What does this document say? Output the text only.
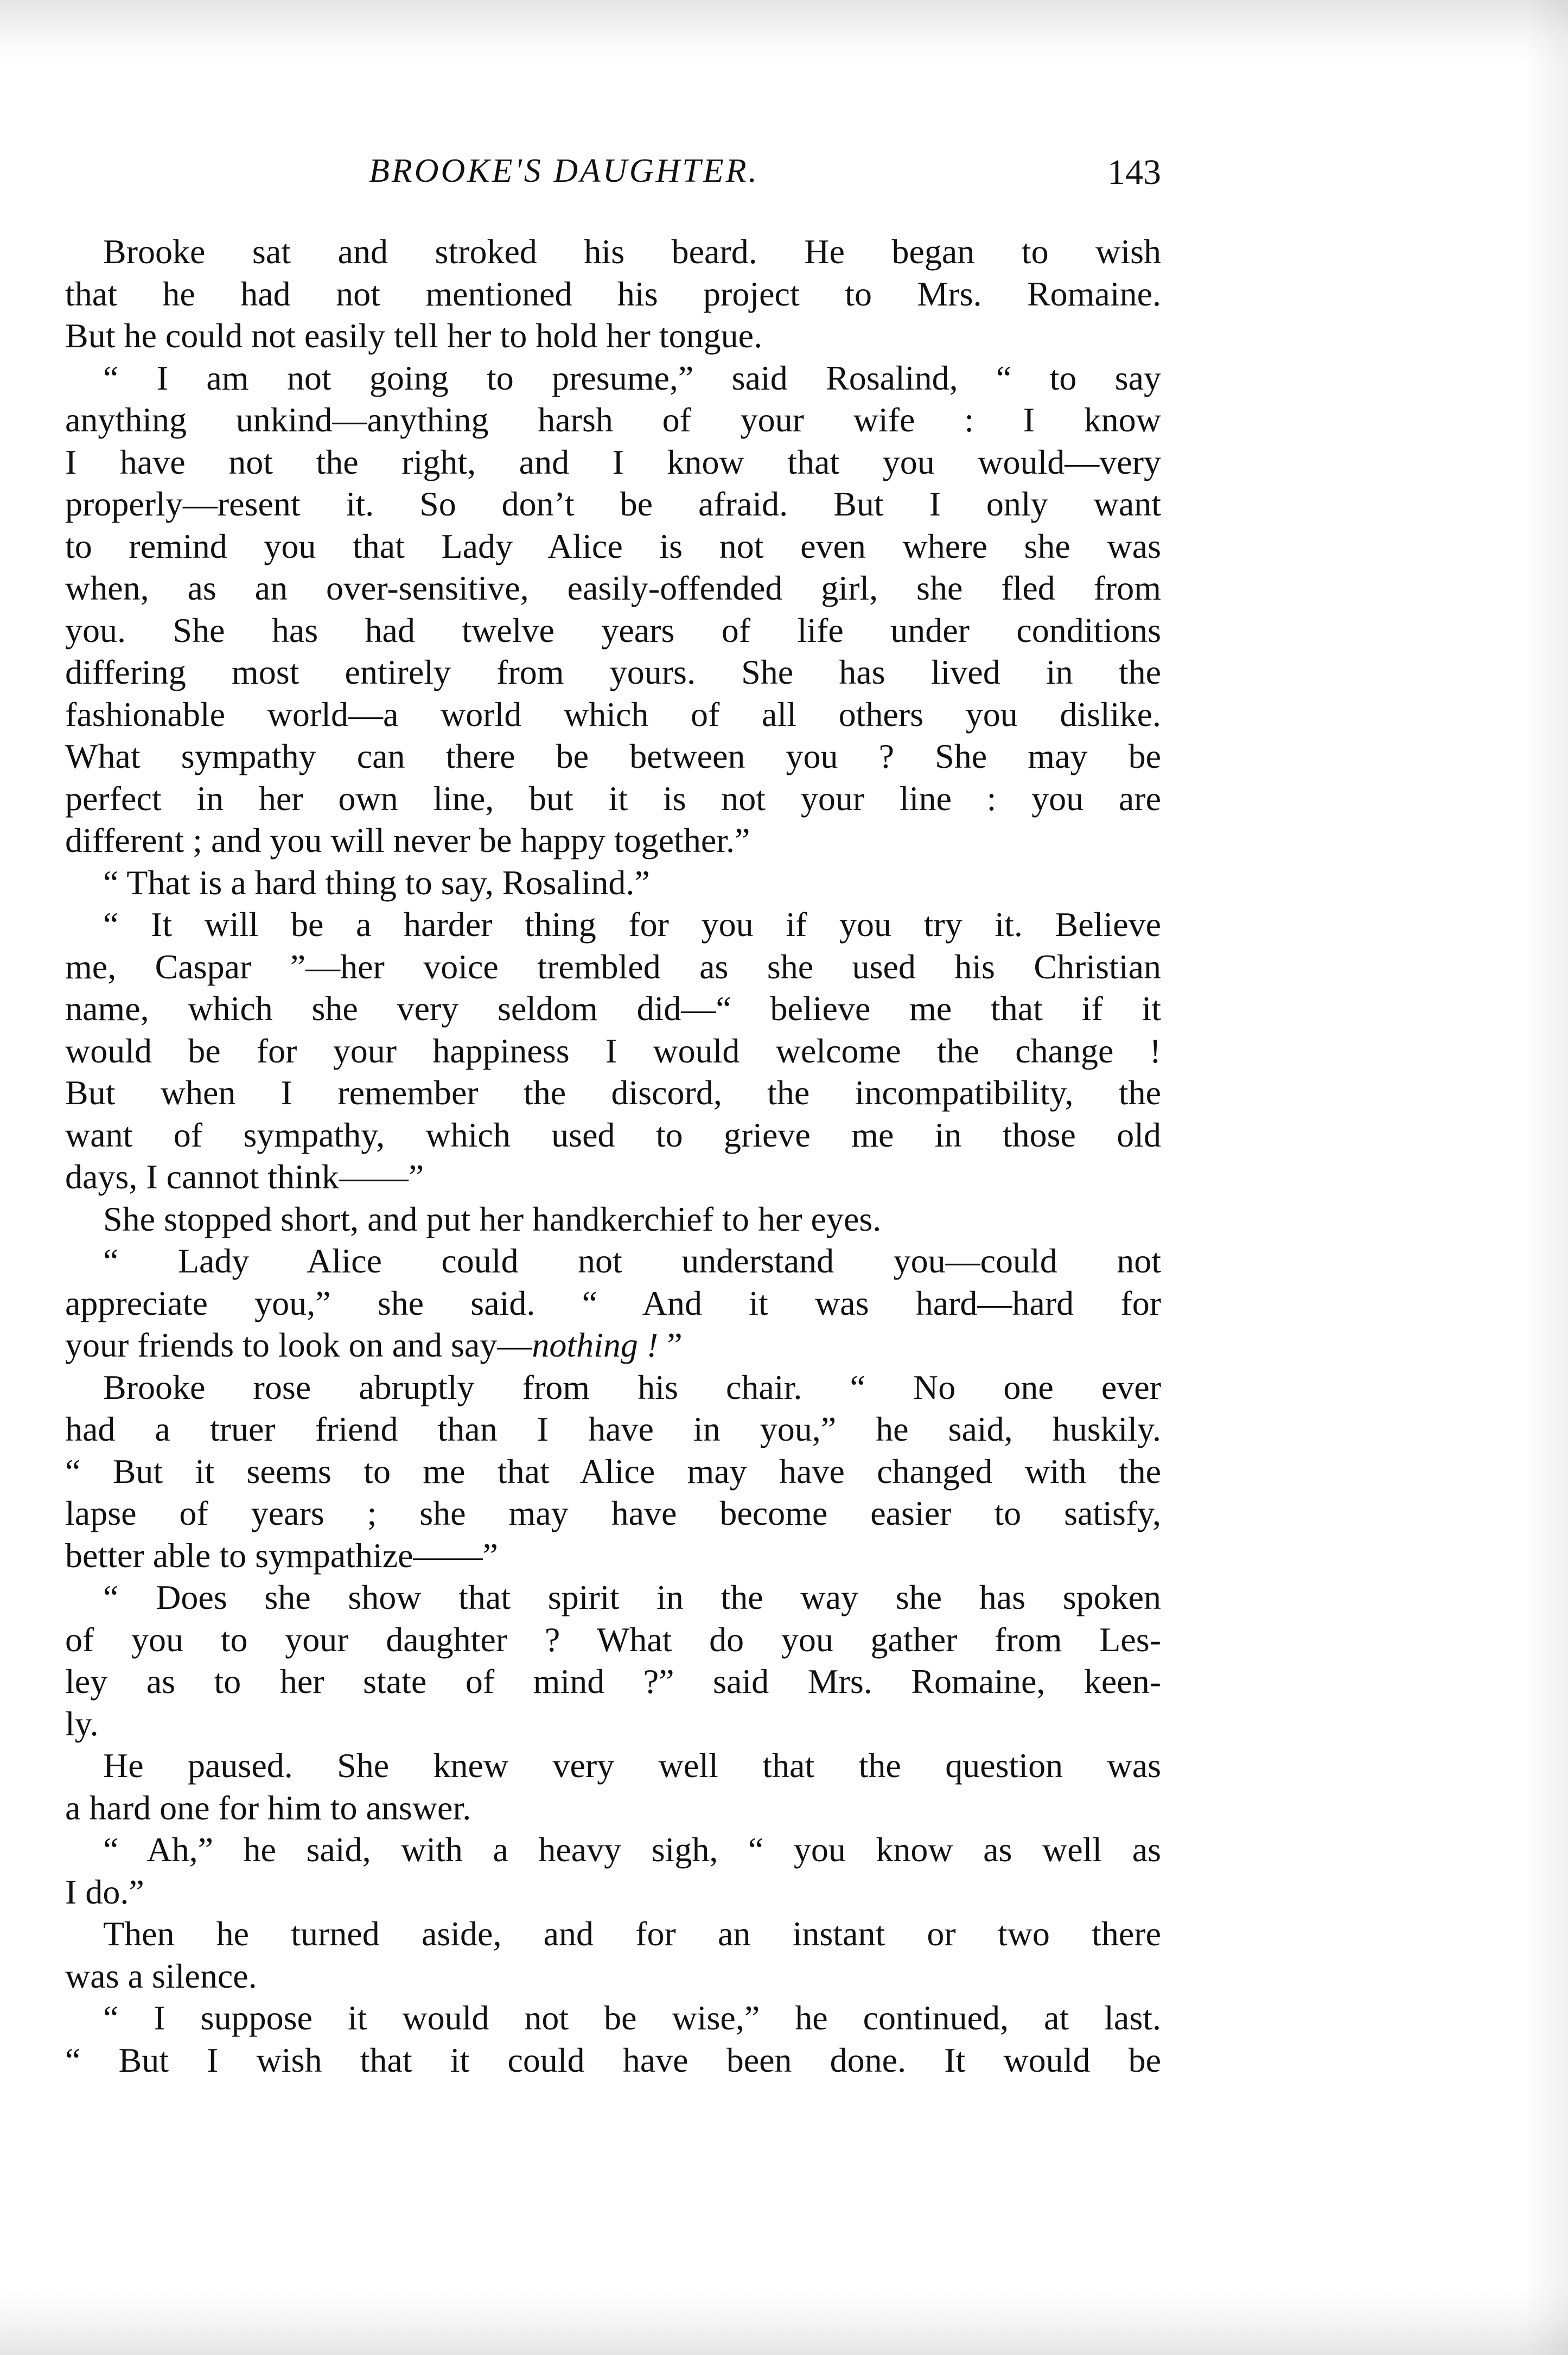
BROOKE'S DAUGHTER.	143
Brooke sat and stroked his beard. He began to wish
that he had not mentioned his project to Mrs. Romaine.
But he could not easily tell her to hold her tongue.
“ I am not going to presume,” said Rosalind, “ to say
anything unkind—anything harsh of your wife : I know
I have not the right, and I know that you would—very
properly—resent it. So don’t be afraid. But I only want
to remind you that Lady Alice is not even where she was
when, as an over-sensitive, easily-offended girl, she fled from
you. She has had twelve years of life under conditions
differing most entirely from yours. She has lived in the
fashionable world—a world which of all others you dislike.
What sympathy can there be between you ? She may be
perfect in her own line, but it is not your line : you are
different ; and you will never be happy together.”
“ That is a hard thing to say, Rosalind.”
“ It will be a harder thing for you if you try it. Believe
me, Caspar ”—her voice trembled as she used his Christian
name, which she very seldom did—“ believe me that if it
would be for your happiness I would welcome the change !
But when I remember the discord, the incompatibility, the
want of sympathy, which used to grieve me in those old
days, I cannot think——”
She stopped short, and put her handkerchief to her eyes.
“ Lady Alice could not understand you—could not
appreciate you,” she said. “ And it was hard—hard for
your friends to look on and say—nothing ! ”
Brooke rose abruptly from his chair. “ No one ever
had a truer friend than I have in you,” he said, huskily.
“ But it seems to me that Alice may have changed with the
lapse of years ; she may have become easier to satisfy,
better able to sympathize——”
“ Does she show that spirit in the way she has spoken
of you to your daughter ? What do you gather from Les-
ley as to her state of mind ?” said Mrs. Romaine, keen-
ly.
He paused. She knew very well that the question was
a hard one for him to answer.
“ Ah,” he said, with a heavy sigh, “ you know as well as
I do.”
Then he turned aside, and for an instant or two there
was a silence.
“ I suppose it would not be wise,” he continued, at last.
“ But I wish that it could have been done. It would be
